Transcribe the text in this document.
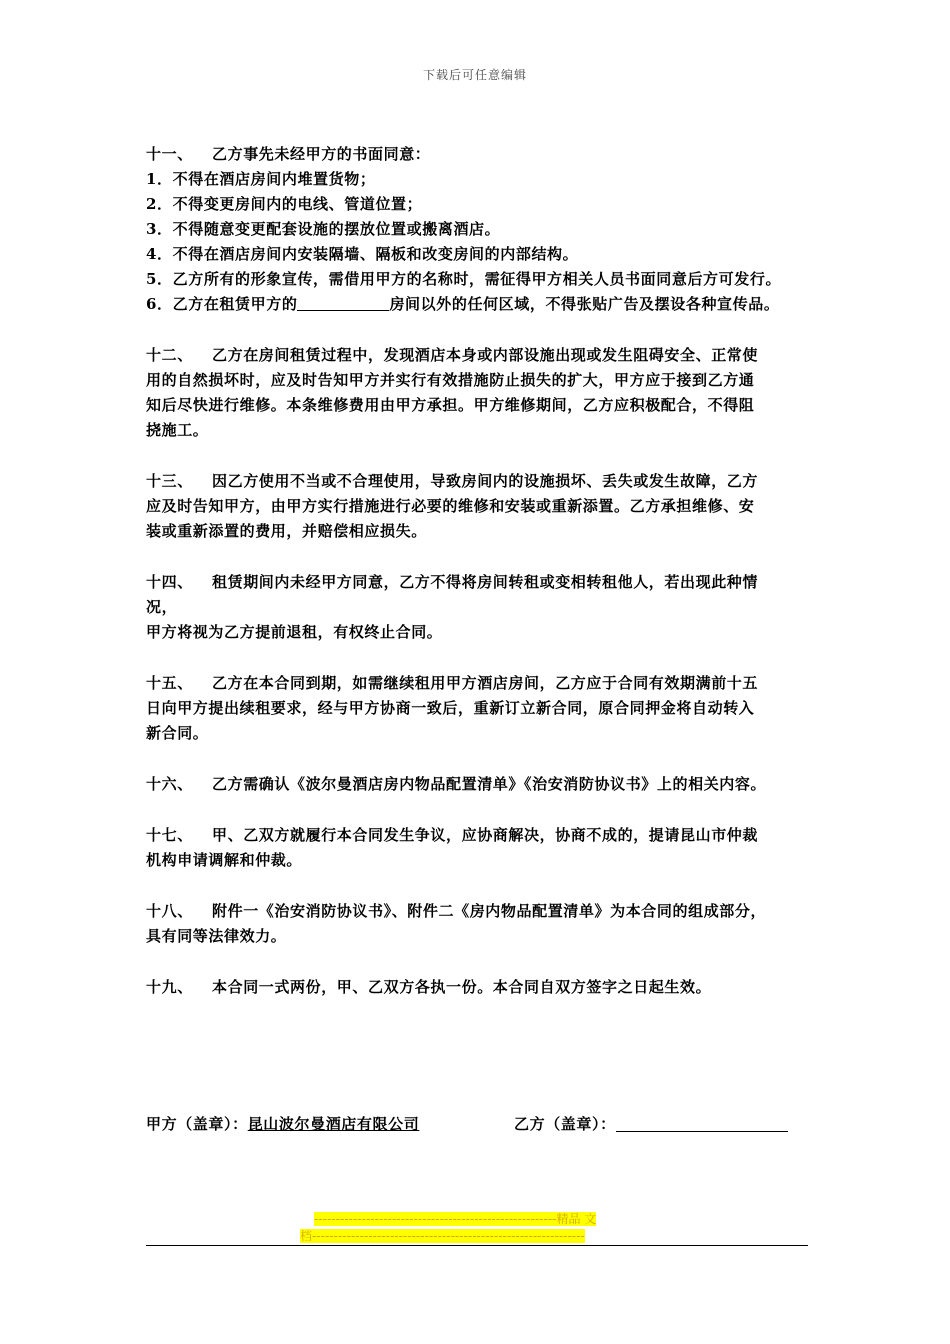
下载后可任意编辑

十一、 乙方事先未经甲方的书面同意：

1．不得在酒店房间内堆置货物；

2．不得变更房间内的电线、管道位置；

3．不得随意变更配套设施的摆放位置或搬离酒店。

4．不得在酒店房间内安装隔墙、隔板和改变房间的内部结构。

5．乙方所有的形象宣传，需借用甲方的名称时，需征得甲方相关人员书面同意后方可发行。

6．乙方在租赁甲方的	房间以外的任何区域，不得张贴广告及摆设各种宣传品。

十二、 乙方在房间租赁过程中，发现酒店本身或内部设施出现或发生阻碍安全、正常使

用的自然损坏时，应及时告知甲方并实行有效措施防止损失的扩大，甲方应于接到乙方通

知后尽快进行维修。本条维修费用由甲方承担。甲方维修期间，乙方应积极配合，不得阻

挠施工。

十三、 因乙方使用不当或不合理使用，导致房间内的设施损坏、丢失或发生故障，乙方

应及时告知甲方，由甲方实行措施进行必要的维修和安装或重新添置。乙方承担维修、安

装或重新添置的费用，并赔偿相应损失。

十四、 租赁期间内未经甲方同意，乙方不得将房间转租或变相转租他人，若出现此种情

况，

甲方将视为乙方提前退租，有权终止合同。

十五、 乙方在本合同到期，如需继续租用甲方酒店房间，乙方应于合同有效期满前十五

日向甲方提出续租要求，经与甲方协商一致后，重新订立新合同，原合同押金将自动转入

新合同。

十六、 乙方需确认《波尔曼酒店房内物品配置清单》《治安消防协议书》上的相关内容。

十七、 甲、乙双方就履行本合同发生争议，应协商解决，协商不成的，提请昆山市仲裁

机构申请调解和仲裁。

十八、 附件一《治安消防协议书》、附件二《房内物品配置清单》为本合同的组成部分，

具有同等法律效力。

十九、 本合同一式两份，甲、乙双方各执一份。本合同自双方签字之日起生效。

甲方（盖章）：昆山波尔曼酒店有限公司	乙方（盖章）：
--------------------------------------------------------精品 文
档---------------------------------------------------------------
